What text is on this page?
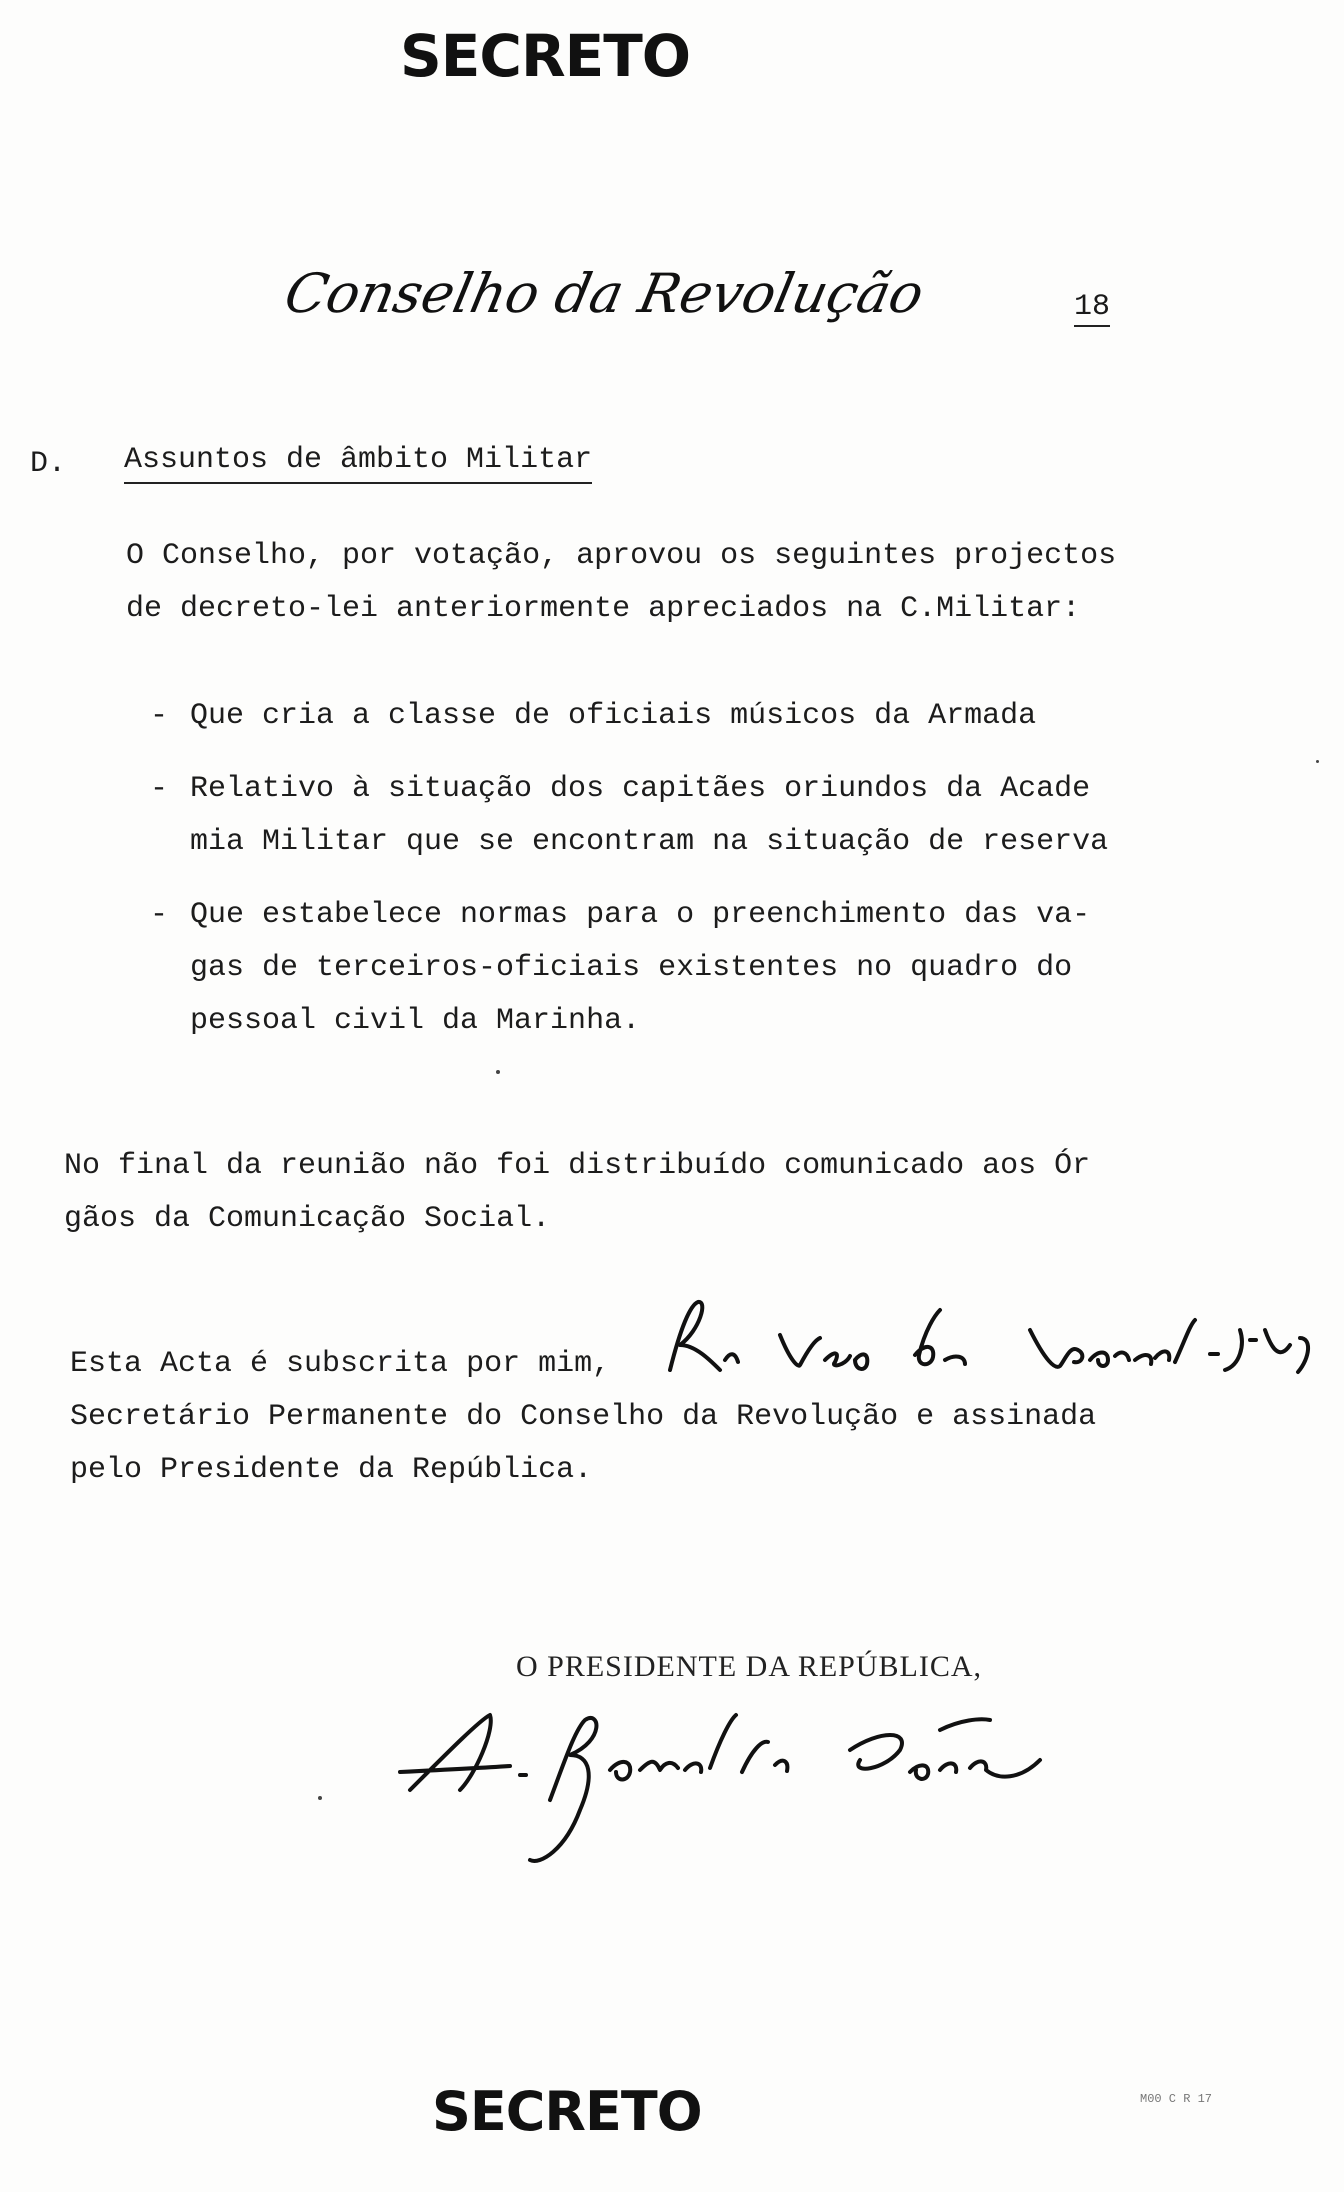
SECRETO
Conselho da Revolução	18
D. Assuntos de âmbito Militar
O Conselho, por votação, aprovou os seguintes projectos
de decreto-lei anteriormente apreciados na C.Militar:
- Que cria a classe de oficiais músicos da Armada
- Relativo à situação dos capitães oriundos da Acade
mia Militar que se encontram na situação de reserva
- Que estabelece normas para o preenchimento das va-
gas de terceiros-oficiais existentes no quadro do
pessoal civil da Marinha.
No final da reunião não foi distribuído comunicado aos Ór
gãos da Comunicação Social.
Esta Acta é subscrita por mim,
Secretário Permanente do Conselho da Revolução e assinada
pelo Presidente da República.
O PRESIDENTE DA REPÚBLICA,
M00 C R 17
SECRETO
